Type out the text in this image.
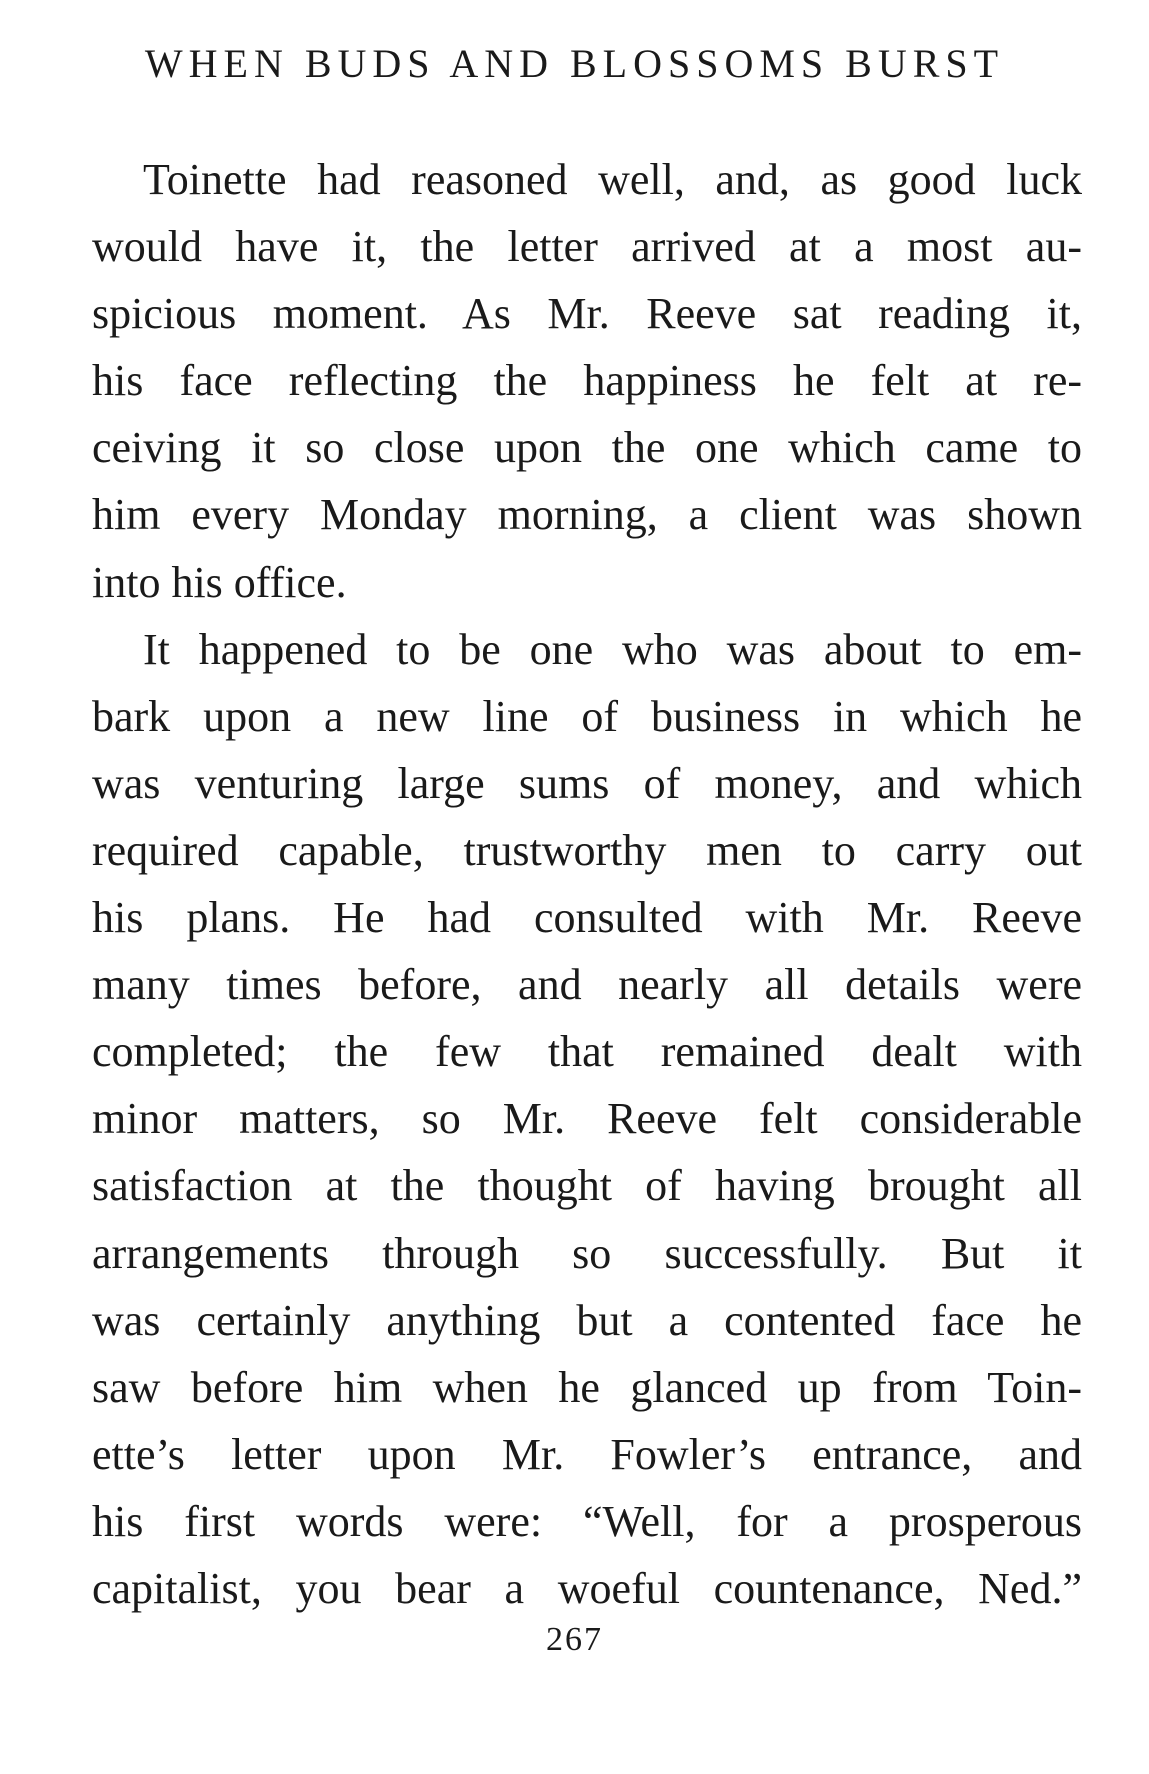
WHEN BUDS AND BLOSSOMS BURST
Toinette had reasoned well, and, as good luck
would have it, the letter arrived at a most au-
spicious moment. As Mr. Reeve sat reading it,
his face reflecting the happiness he felt at re-
ceiving it so close upon the one which came to
him every Monday morning, a client was shown
into his office.
It happened to be one who was about to em-
bark upon a new line of business in which he
was venturing large sums of money, and which
required capable, trustworthy men to carry out
his plans. He had consulted with Mr. Reeve
many times before, and nearly all details were
completed; the few that remained dealt with
minor matters, so Mr. Reeve felt considerable
satisfaction at the thought of having brought all
arrangements through so successfully. But it
was certainly anything but a contented face he
saw before him when he glanced up from Toin-
ette’s letter upon Mr. Fowler’s entrance, and
his first words were: “Well, for a prosperous
capitalist, you bear a woeful countenance, Ned.”
267
